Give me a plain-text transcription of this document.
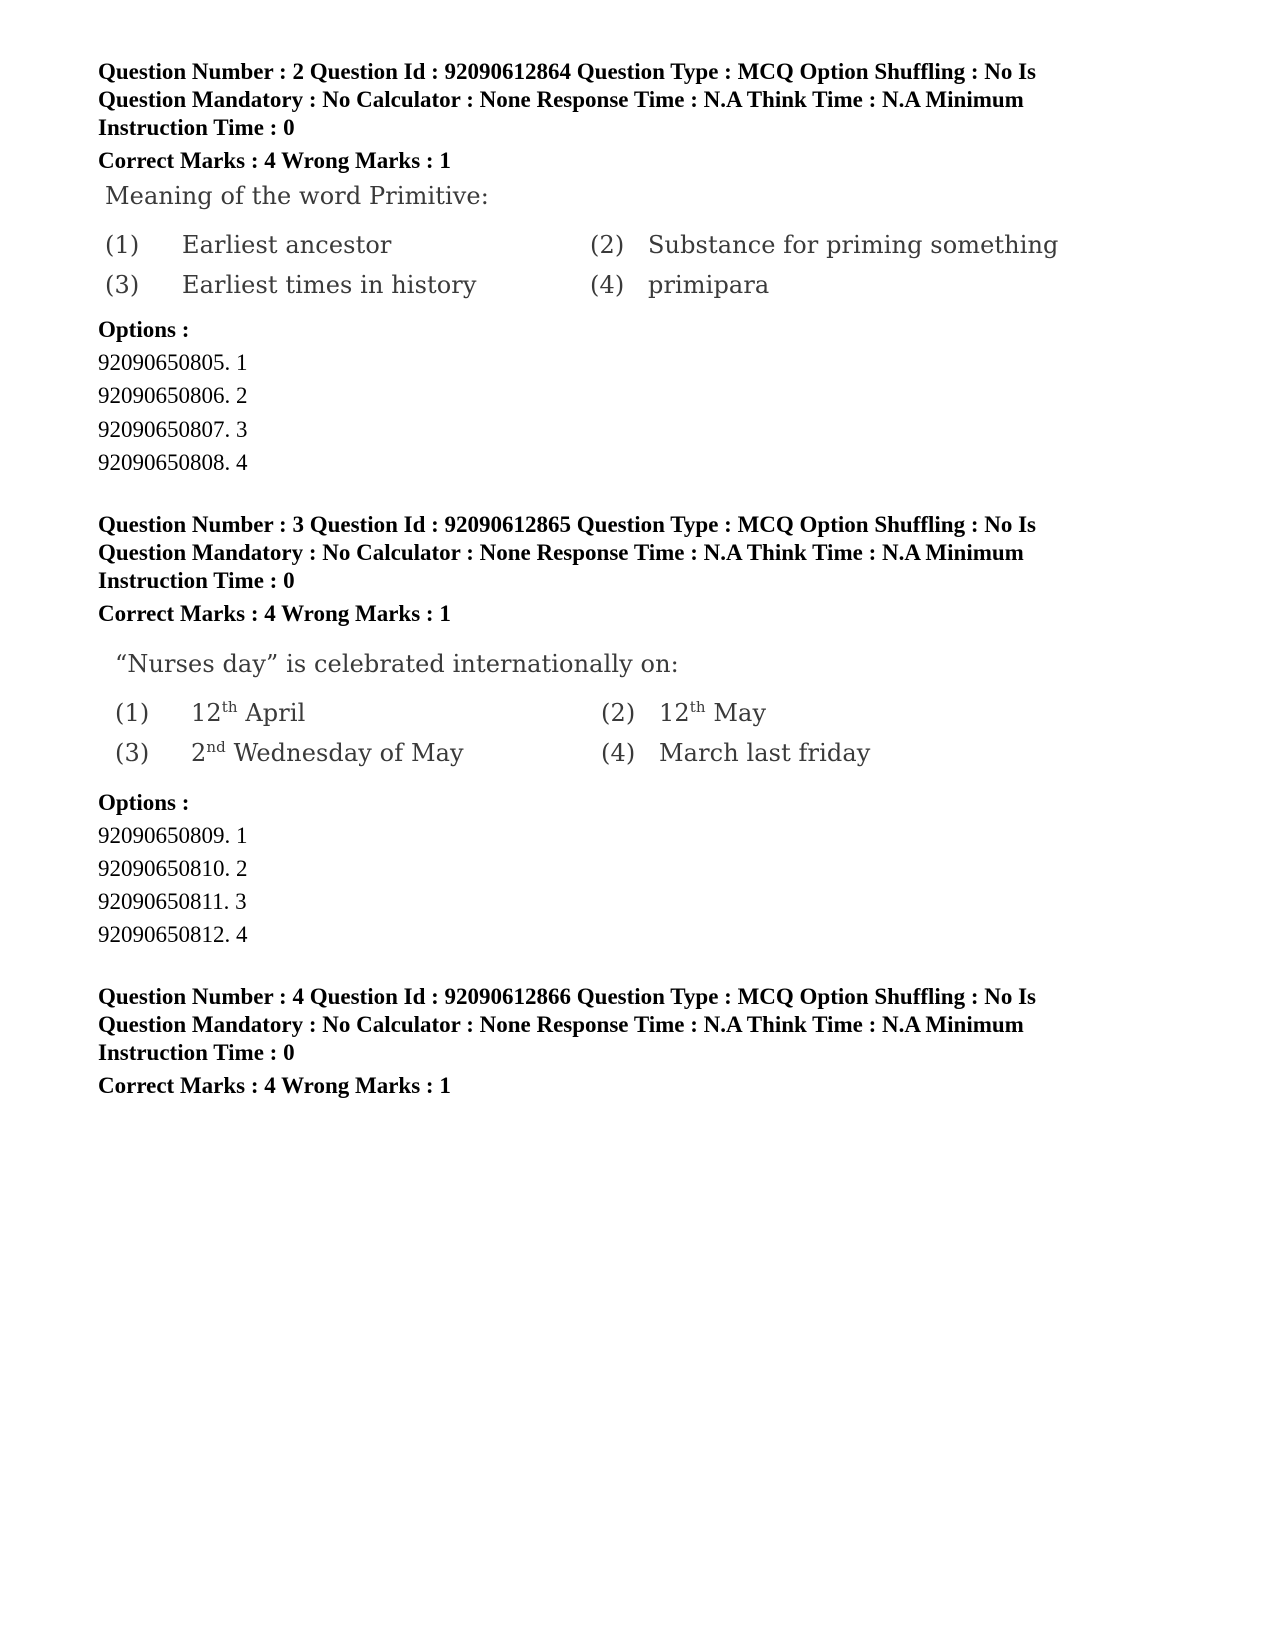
Question Number : 2 Question Id : 92090612864 Question Type : MCQ Option Shuffling : No Is
Question Mandatory : No Calculator : None Response Time : N.A Think Time : N.A Minimum
Instruction Time : 0
Correct Marks : 4 Wrong Marks : 1
Meaning of the word Primitive:
(1) Earliest ancestor	(2) Substance for priming something
(3) Earliest times in history	(4) primipara
Options :
92090650805. 1
92090650806. 2
92090650807. 3
92090650808. 4
Question Number : 3 Question Id : 92090612865 Question Type : MCQ Option Shuffling : No Is
Question Mandatory : No Calculator : None Response Time : N.A Think Time : N.A Minimum
Instruction Time : 0
Correct Marks : 4 Wrong Marks : 1
“Nurses day” is celebrated internationally on:
(1) 12th April	(2) 12th May
(3) 2nd Wednesday of May	(4) March last friday
Options :
92090650809. 1
92090650810. 2
92090650811. 3
92090650812. 4
Question Number : 4 Question Id : 92090612866 Question Type : MCQ Option Shuffling : No Is
Question Mandatory : No Calculator : None Response Time : N.A Think Time : N.A Minimum
Instruction Time : 0
Correct Marks : 4 Wrong Marks : 1
